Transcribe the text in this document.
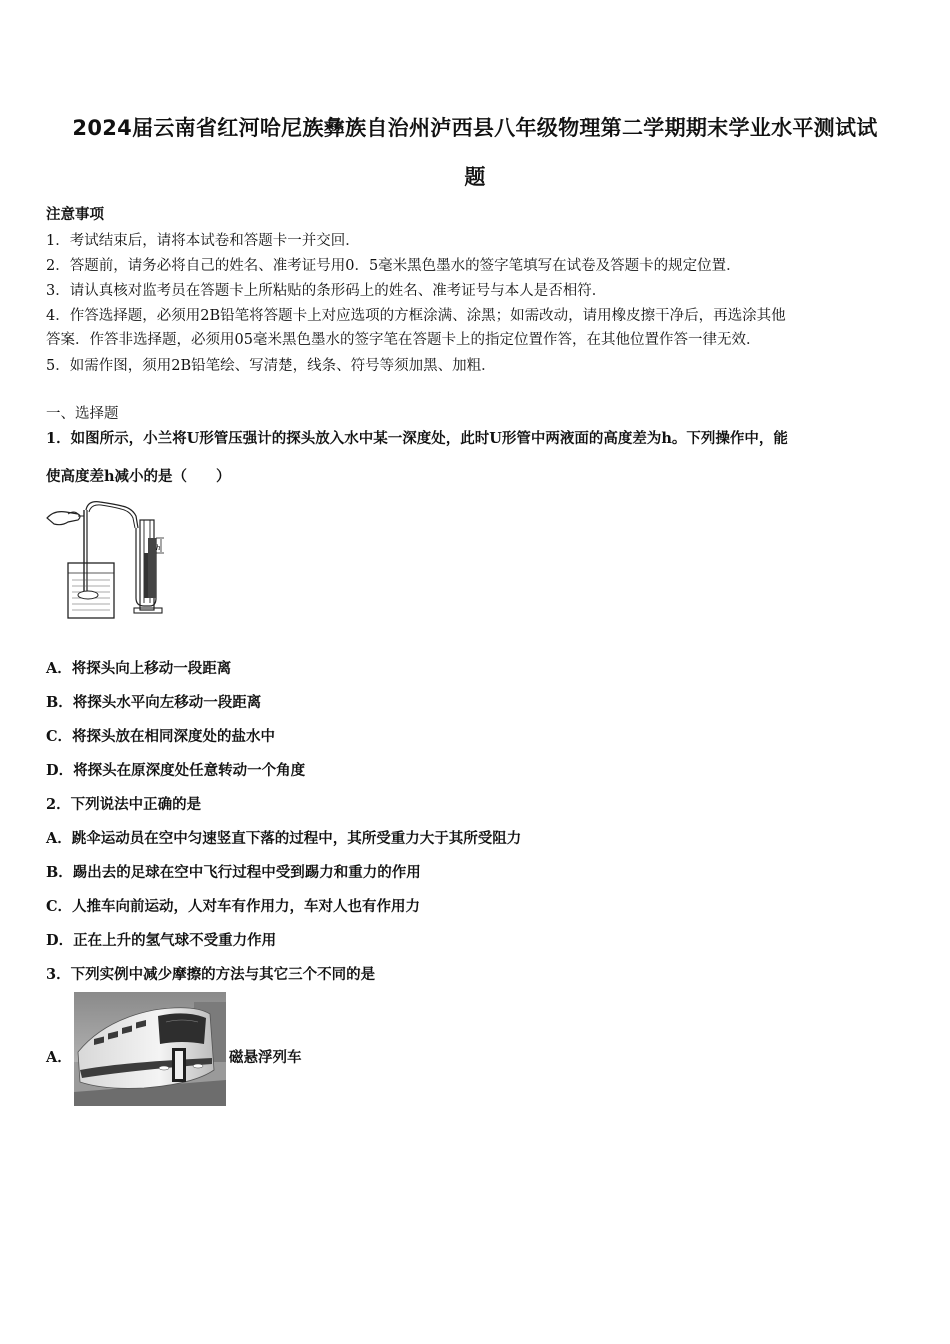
2024届云南省红河哈尼族彝族自治州泸西县八年级物理第二学期期末学业水平测试试
题
注意事项
1．考试结束后，请将本试卷和答题卡一并交回．
2．答题前，请务必将自己的姓名、准考证号用0．5毫米黑色墨水的签字笔填写在试卷及答题卡的规定位置．
3．请认真核对监考员在答题卡上所粘贴的条形码上的姓名、准考证号与本人是否相符．
4．作答选择题，必须用2B铅笔将答题卡上对应选项的方框涂满、涂黑；如需改动，请用橡皮擦干净后，再选涂其他
答案．作答非选择题，必须用05毫米黑色墨水的签字笔在答题卡上的指定位置作答，在其他位置作答一律无效．
5．如需作图，须用2B铅笔绘、写清楚，线条、符号等须加黑、加粗．
一、选择题
1．如图所示，小兰将U形管压强计的探头放入水中某一深度处，此时U形管中两液面的高度差为h。下列操作中，能
使高度差h减小的是（　　）
h
A．将探头向上移动一段距离
B．将探头水平向左移动一段距离
C．将探头放在相同深度处的盐水中
D．将探头在原深度处任意转动一个角度
2．下列说法中正确的是
A．跳伞运动员在空中匀速竖直下落的过程中，其所受重力大于其所受阻力
B．踢出去的足球在空中飞行过程中受到踢力和重力的作用
C．人推车向前运动，人对车有作用力，车对人也有作用力
D．正在上升的氢气球不受重力作用
3．下列实例中减少摩擦的方法与其它三个不同的是
A．	磁悬浮列车
